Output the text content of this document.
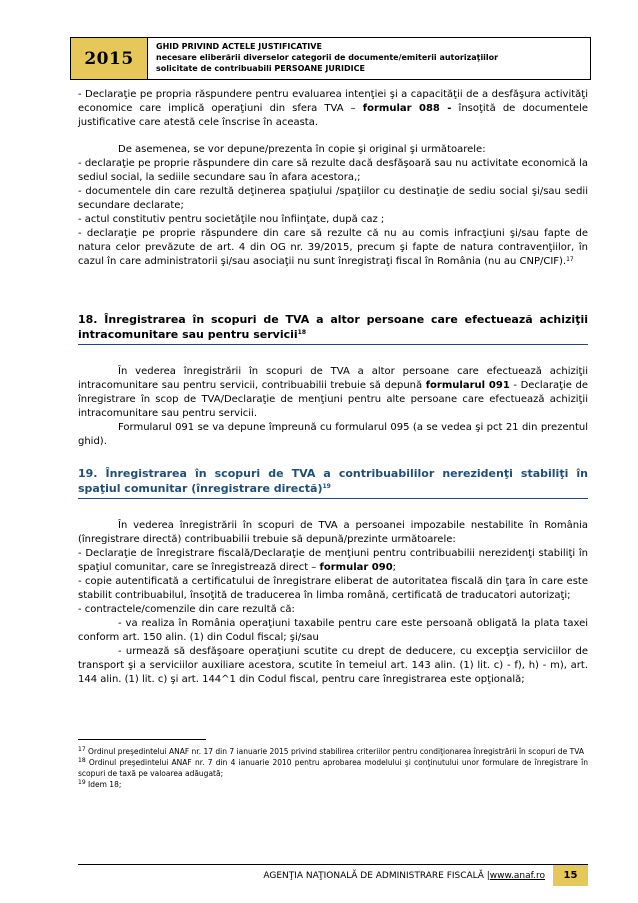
2015
GHID PRIVIND ACTELE JUSTIFICATIVE
necesare eliberării diverselor categorii de documente/emiterii autorizaţiilor
solicitate de contribuabili PERSOANE JURIDICE

- Declaraţie pe propria răspundere pentru evaluarea intenţiei şi a capacităţii de a desfăşura activităţi economice care implică operaţiuni din sfera TVA – formular 088 - însoţită de documentele justificative care atestă cele înscrise în aceasta.

De asemenea, se vor depune/prezenta în copie şi original şi următoarele:

- declaraţie pe proprie răspundere din care să rezulte dacă desfăşoară sau nu activitate economică la sediul social, la sediile secundare sau în afara acestora,;

- documentele din care rezultă deţinerea spaţiului /spaţiilor cu destinaţie de sediu social şi/sau sedii secundare declarate;

- actul constitutiv pentru societăţile nou înfiinţate, după caz ;

- declaraţie pe proprie răspundere din care să rezulte că nu au comis infracţiuni şi/sau fapte de natura celor prevăzute de art. 4 din OG nr. 39/2015, precum şi fapte de natura contravenţiilor, în cazul în care administratorii şi/sau asociaţii nu sunt înregistraţi fiscal în România (nu au CNP/CIF).$^{17}$

18. Înregistrarea în scopuri de TVA a altor persoane care efectuează achiziţii intracomunitare sau pentru servicii$^{18}$

În vederea înregistrării în scopuri de TVA a altor persoane care efectuează achiziţii intracomunitare sau pentru servicii, contribuabilii trebuie să depună formularul 091 - Declaraţie de înregistrare în scop de TVA/Declaraţie de menţiuni pentru alte persoane care efectuează achiziţii intracomunitare sau pentru servicii.

Formularul 091 se va depune împreună cu formularul 095 (a se vedea şi pct 21 din prezentul ghid).

19. Înregistrarea în scopuri de TVA a contribuabililor nerezidenţi stabiliţi în spaţiul comunitar (înregistrare directă)$^{19}$

În vederea înregistrării în scopuri de TVA a persoanei impozabile nestabilite în România (înregistrare directă) contribuabilii trebuie să depună/prezinte următoarele:

- Declaraţie de înregistrare fiscală/Declaraţie de menţiuni pentru contribuabilii nerezidenţi stabiliţi în spaţiul comunitar, care se înregistrează direct – formular 090;

- copie autentificată a certificatului de înregistrare eliberat de autoritatea fiscală din ţara în care este stabilit contribuabilul, însoţită de traducerea în limba română, certificată de traducatori autorizaţi;

- contractele/comenzile din care rezultă că:

- va realiza în România operaţiuni taxabile pentru care este persoană obligată la plata taxei conform art. 150 alin. (1) din Codul fiscal; şi/sau

- urmează să desfăşoare operaţiuni scutite cu drept de deducere, cu excepţia serviciilor de transport şi a serviciilor auxiliare acestora, scutite în temeiul art. 143 alin. (1) lit. c) - f), h) - m), art. 144 alin. (1) lit. c) şi art. 144^1 din Codul fiscal, pentru care înregistrarea este opţională;

$^{17}$ Ordinul preşedintelui ANAF nr. 17 din 7 ianuarie 2015 privind stabilirea criteriilor pentru condiţionarea înregistrării în scopuri de TVA

$^{18}$ Ordinul preşedintelui ANAF nr. 7 din 4 ianuarie 2010 pentru aprobarea modelului şi conţinutului unor formulare de înregistrare în scopuri de taxă pe valoarea adăugată;

$^{19}$ Idem 18;

AGENŢIA NAŢIONALĂ DE ADMINISTRARE FISCALĂ |www.anaf.ro	15
